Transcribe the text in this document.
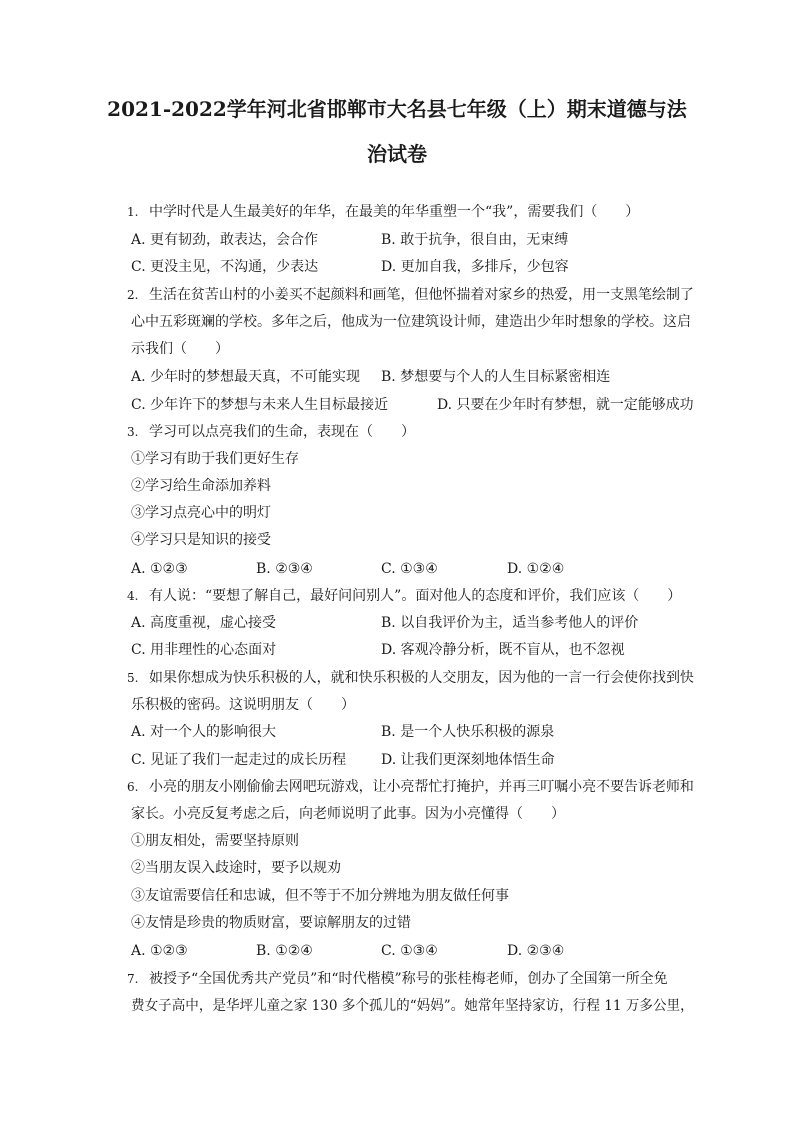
2021-2022学年河北省邯郸市大名县七年级（上）期末道德与法
治试卷
1. 中学时代是人生最美好的年华，在最美的年华重塑一个“我”，需要我们（　　）
A. 更有韧劲，敢表达，会合作	B. 敢于抗争，很自由，无束缚
C. 更没主见，不沟通，少表达	D. 更加自我，多排斥，少包容
2. 生活在贫苦山村的小姜买不起颜料和画笔，但他怀揣着对家乡的热爱，用一支黑笔绘制了
心中五彩斑斓的学校。多年之后，他成为一位建筑设计师，建造出少年时想象的学校。这启
示我们（　　）
A. 少年时的梦想最天真，不可能实现 B. 梦想要与个人的人生目标紧密相连
C. 少年许下的梦想与未来人生目标最接近	D. 只要在少年时有梦想，就一定能够成功
3. 学习可以点亮我们的生命，表现在（　　）
①学习有助于我们更好生存
②学习给生命添加养料
③学习点亮心中的明灯
④学习只是知识的接受
A. ①②③	B. ②③④	C. ①③④	D. ①②④
4. 有人说：“要想了解自己，最好问问别人”。面对他人的态度和评价，我们应该（　　）
A. 高度重视，虚心接受	B. 以自我评价为主，适当参考他人的评价
C. 用非理性的心态面对	D. 客观冷静分析，既不盲从，也不忽视
5. 如果你想成为快乐积极的人，就和快乐积极的人交朋友，因为他的一言一行会使你找到快
乐积极的密码。这说明朋友（　　）
A. 对一个人的影响很大	B. 是一个人快乐积极的源泉
C. 见证了我们一起走过的成长历程 D. 让我们更深刻地体悟生命
6. 小亮的朋友小刚偷偷去网吧玩游戏，让小亮帮忙打掩护，并再三叮嘱小亮不要告诉老师和
家长。小亮反复考虑之后，向老师说明了此事。因为小亮懂得（　　）
①朋友相处，需要坚持原则
②当朋友误入歧途时，要予以规劝
③友谊需要信任和忠诚，但不等于不加分辨地为朋友做任何事
④友情是珍贵的物质财富，要谅解朋友的过错
A. ①②③	B. ①②④	C. ①③④	D. ②③④
7. 被授予“全国优秀共产党员”和“时代楷模”称号的张桂梅老师，创办了全国第一所全免
费女子高中，是华坪儿童之家 130 多个孤儿的“妈妈”。她常年坚持家访，行程 11 万多公里，
